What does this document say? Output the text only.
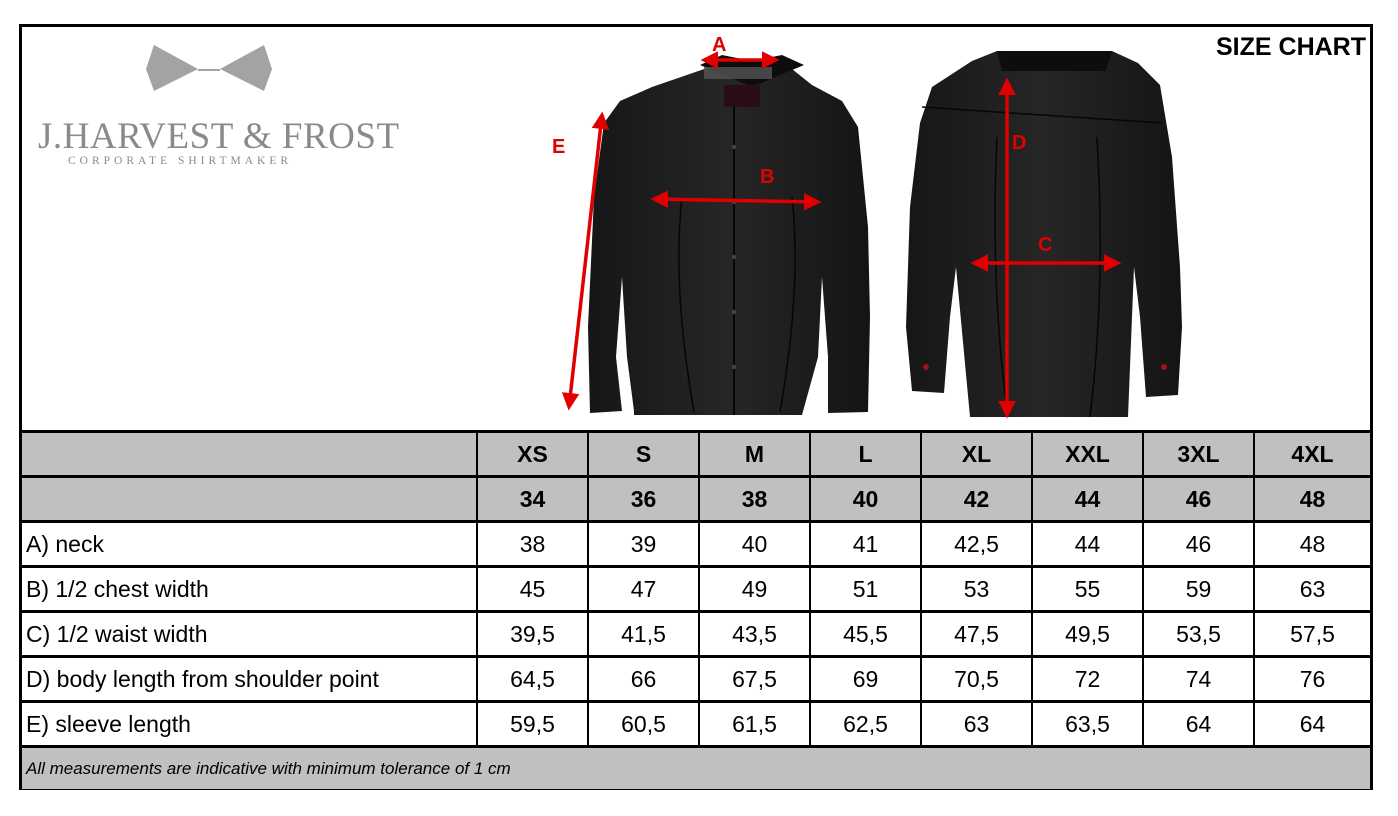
J.HARVEST & FROST
CORPORATE SHIRTMAKER
SIZE CHART
A
B
C
D
E
	XS	S	M	L	XL	XXL	3XL	4XL
	34	36	38	40	42	44	46	48
A) neck	38	39	40	41	42,5	44	46	48
B) 1/2 chest width	45	47	49	51	53	55	59	63
C) 1/2 waist width	39,5	41,5	43,5	45,5	47,5	49,5	53,5	57,5
D) body length from shoulder point	64,5	66	67,5	69	70,5	72	74	76
E) sleeve length	59,5	60,5	61,5	62,5	63	63,5	64	64
All measurements are indicative with minimum tolerance of 1 cm								
